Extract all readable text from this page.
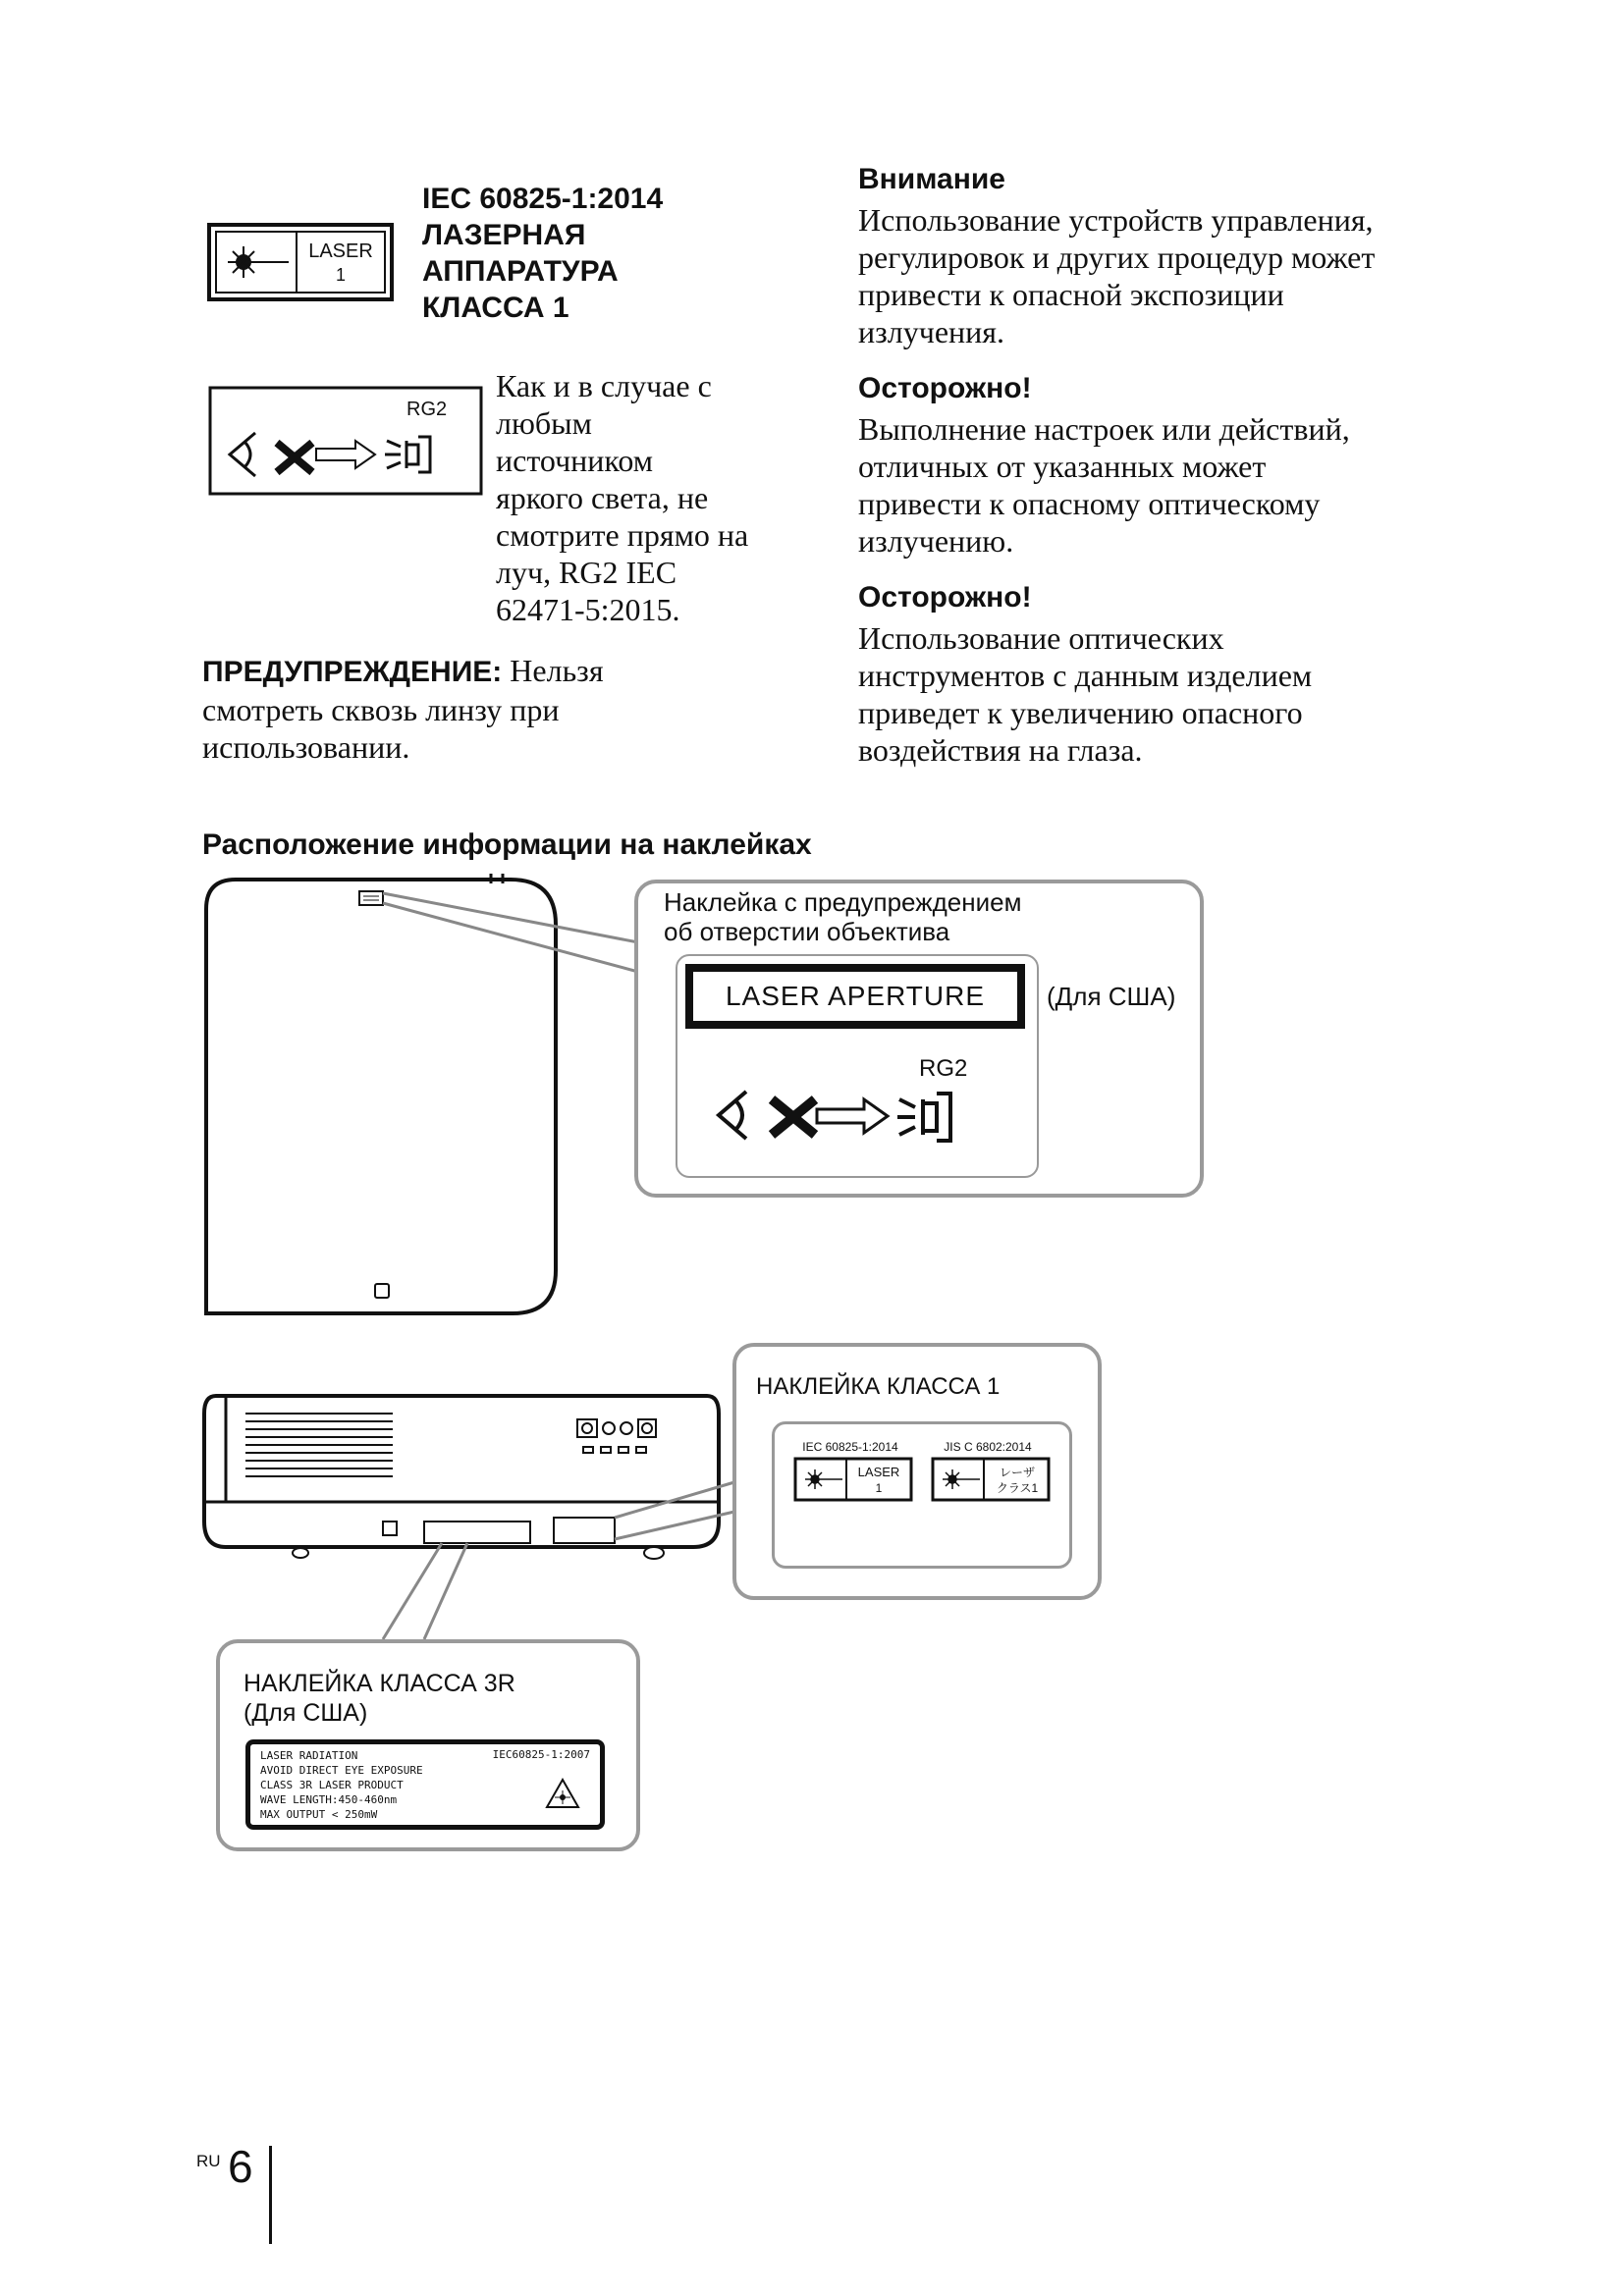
LASER
1
IEC 60825-1:2014
ЛАЗЕРНАЯ
АППАРАТУРА
КЛАССА 1
RG2
Как и в случае с
любым
источником
яркого света, не
смотрите прямо на
луч, RG2 IEC
62471-5:2015.
ПРЕДУПРЕЖДЕНИЕ: Нельзя
смотреть сквозь линзу при
использовании.
Внимание
Использование устройств управления,
регулировок и других процедур может
привести к опасной экспозиции
излучения.
Осторожно!
Выполнение настроек или действий,
отличных от указанных может
привести к опасному оптическому
излучению.
Осторожно!
Использование оптических
инструментов с данным изделием
приведет к увеличению опасного
воздействия на глаза.
Расположение информации на наклейках
Наклейка с предупреждением
об отверстии объектива
LASER APERTURE (Для США)
RG2
НАКЛЕЙКА КЛАССА 1
IEC 60825-1:2014	JIS C 6802:2014
LASER
1
レーザ
クラス1
НАКЛЕЙКА КЛАССА 3R
(Для США)
LASER RADIATION
AVOID DIRECT EYE EXPOSURE
CLASS 3R LASER PRODUCT
WAVE LENGTH:450-460nm
MAX OUTPUT < 250mW
IEC60825-1:2007
RU 6
